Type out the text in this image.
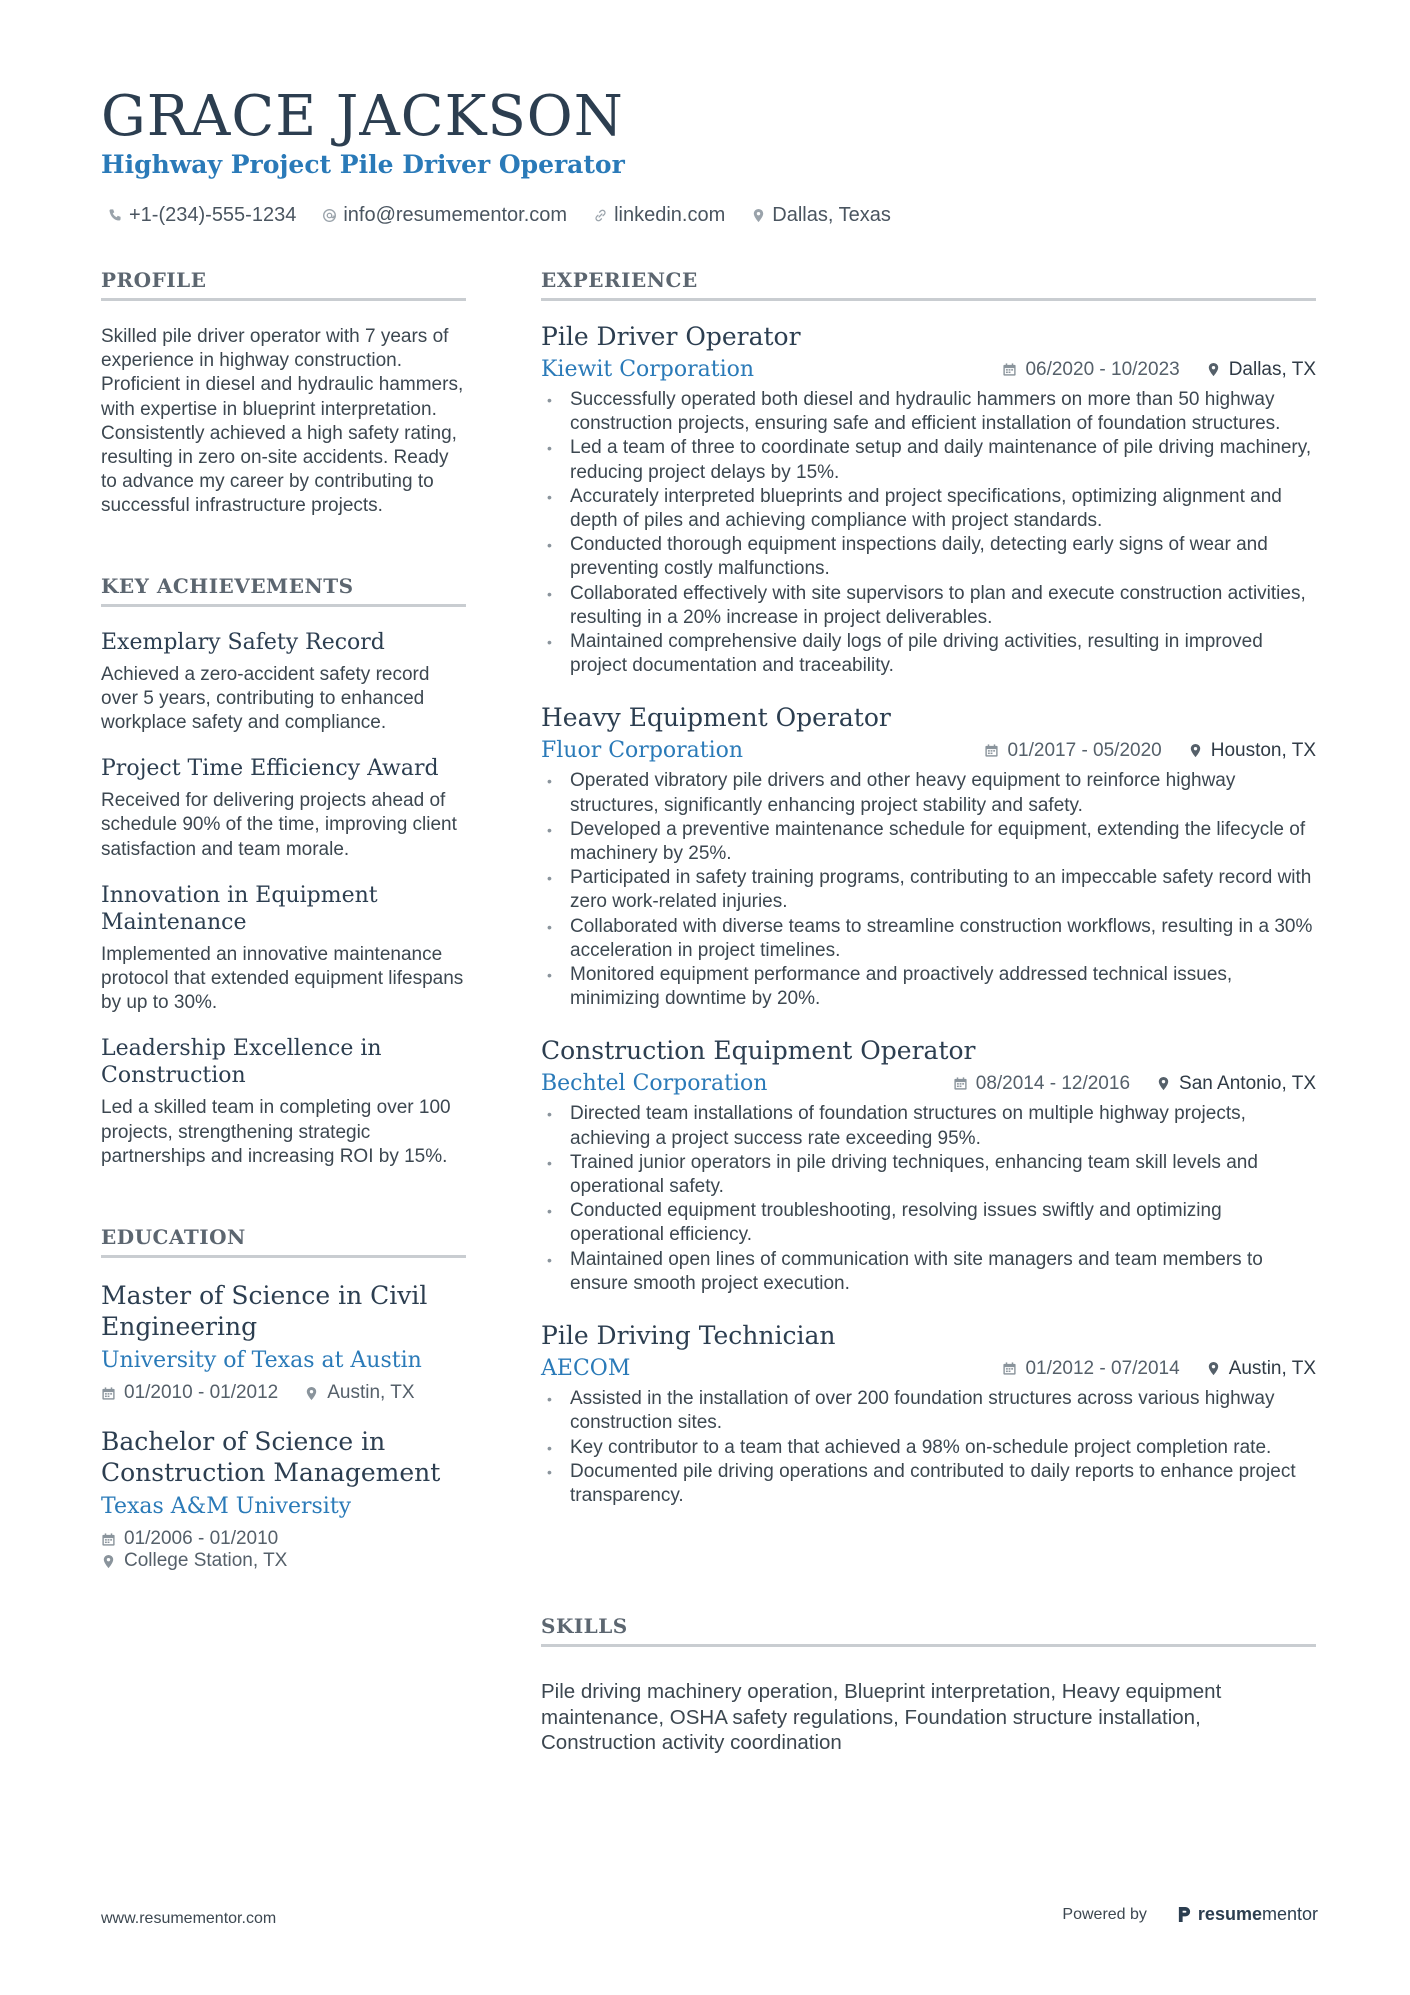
GRACE JACKSON
Highway Project Pile Driver Operator
+1-(234)-555-1234 info@resumementor.com linkedin.com Dallas, Texas
PROFILE

Skilled pile driver operator with 7 years of experience in highway construction. Proficient in diesel and hydraulic hammers, with expertise in blueprint interpretation. Consistently achieved a high safety rating, resulting in zero on-site accidents. Ready to advance my career by contributing to successful infrastructure projects.

KEY ACHIEVEMENTS
Exemplary Safety Record

Achieved a zero-accident safety record over 5 years, contributing to enhanced workplace safety and compliance.

Project Time Efficiency Award

Received for delivering projects ahead of schedule 90% of the time, improving client satisfaction and team morale.

Innovation in Equipment Maintenance

Implemented an innovative maintenance protocol that extended equipment lifespans by up to 30%.

Leadership Excellence in Construction

Led a skilled team in completing over 100 projects, strengthening strategic partnerships and increasing ROI by 15%.

EDUCATION
Master of Science in Civil Engineering
University of Texas at Austin
01/2010 - 01/2012	Austin, TX
Bachelor of Science in Construction Management
Texas A&M University
01/2006 - 01/2010
College Station, TX
EXPERIENCE
Pile Driver Operator
Kiewit Corporation	06/2020 - 10/2023	Dallas, TX
• Successfully operated both diesel and hydraulic hammers on more than 50 highway construction projects, ensuring safe and efficient installation of foundation structures.
• Led a team of three to coordinate setup and daily maintenance of pile driving machinery, reducing project delays by 15%.
• Accurately interpreted blueprints and project specifications, optimizing alignment and depth of piles and achieving compliance with project standards.
• Conducted thorough equipment inspections daily, detecting early signs of wear and preventing costly malfunctions.
• Collaborated effectively with site supervisors to plan and execute construction activities, resulting in a 20% increase in project deliverables.
• Maintained comprehensive daily logs of pile driving activities, resulting in improved project documentation and traceability.
Heavy Equipment Operator
Fluor Corporation	01/2017 - 05/2020	Houston, TX
• Operated vibratory pile drivers and other heavy equipment to reinforce highway structures, significantly enhancing project stability and safety.
• Developed a preventive maintenance schedule for equipment, extending the lifecycle of machinery by 25%.
• Participated in safety training programs, contributing to an impeccable safety record with zero work-related injuries.
• Collaborated with diverse teams to streamline construction workflows, resulting in a 30% acceleration in project timelines.
• Monitored equipment performance and proactively addressed technical issues, minimizing downtime by 20%.
Construction Equipment Operator
Bechtel Corporation	08/2014 - 12/2016	San Antonio, TX
• Directed team installations of foundation structures on multiple highway projects, achieving a project success rate exceeding 95%.
• Trained junior operators in pile driving techniques, enhancing team skill levels and operational safety.
• Conducted equipment troubleshooting, resolving issues swiftly and optimizing operational efficiency.
• Maintained open lines of communication with site managers and team members to ensure smooth project execution.
Pile Driving Technician
AECOM	01/2012 - 07/2014	Austin, TX
• Assisted in the installation of over 200 foundation structures across various highway construction sites.
• Key contributor to a team that achieved a 98% on-schedule project completion rate.
• Documented pile driving operations and contributed to daily reports to enhance project transparency.
SKILLS

Pile driving machinery operation, Blueprint interpretation, Heavy equipment maintenance, OSHA safety regulations, Foundation structure installation, Construction activity coordination

www.resumementor.com	Powered by	resumementor
